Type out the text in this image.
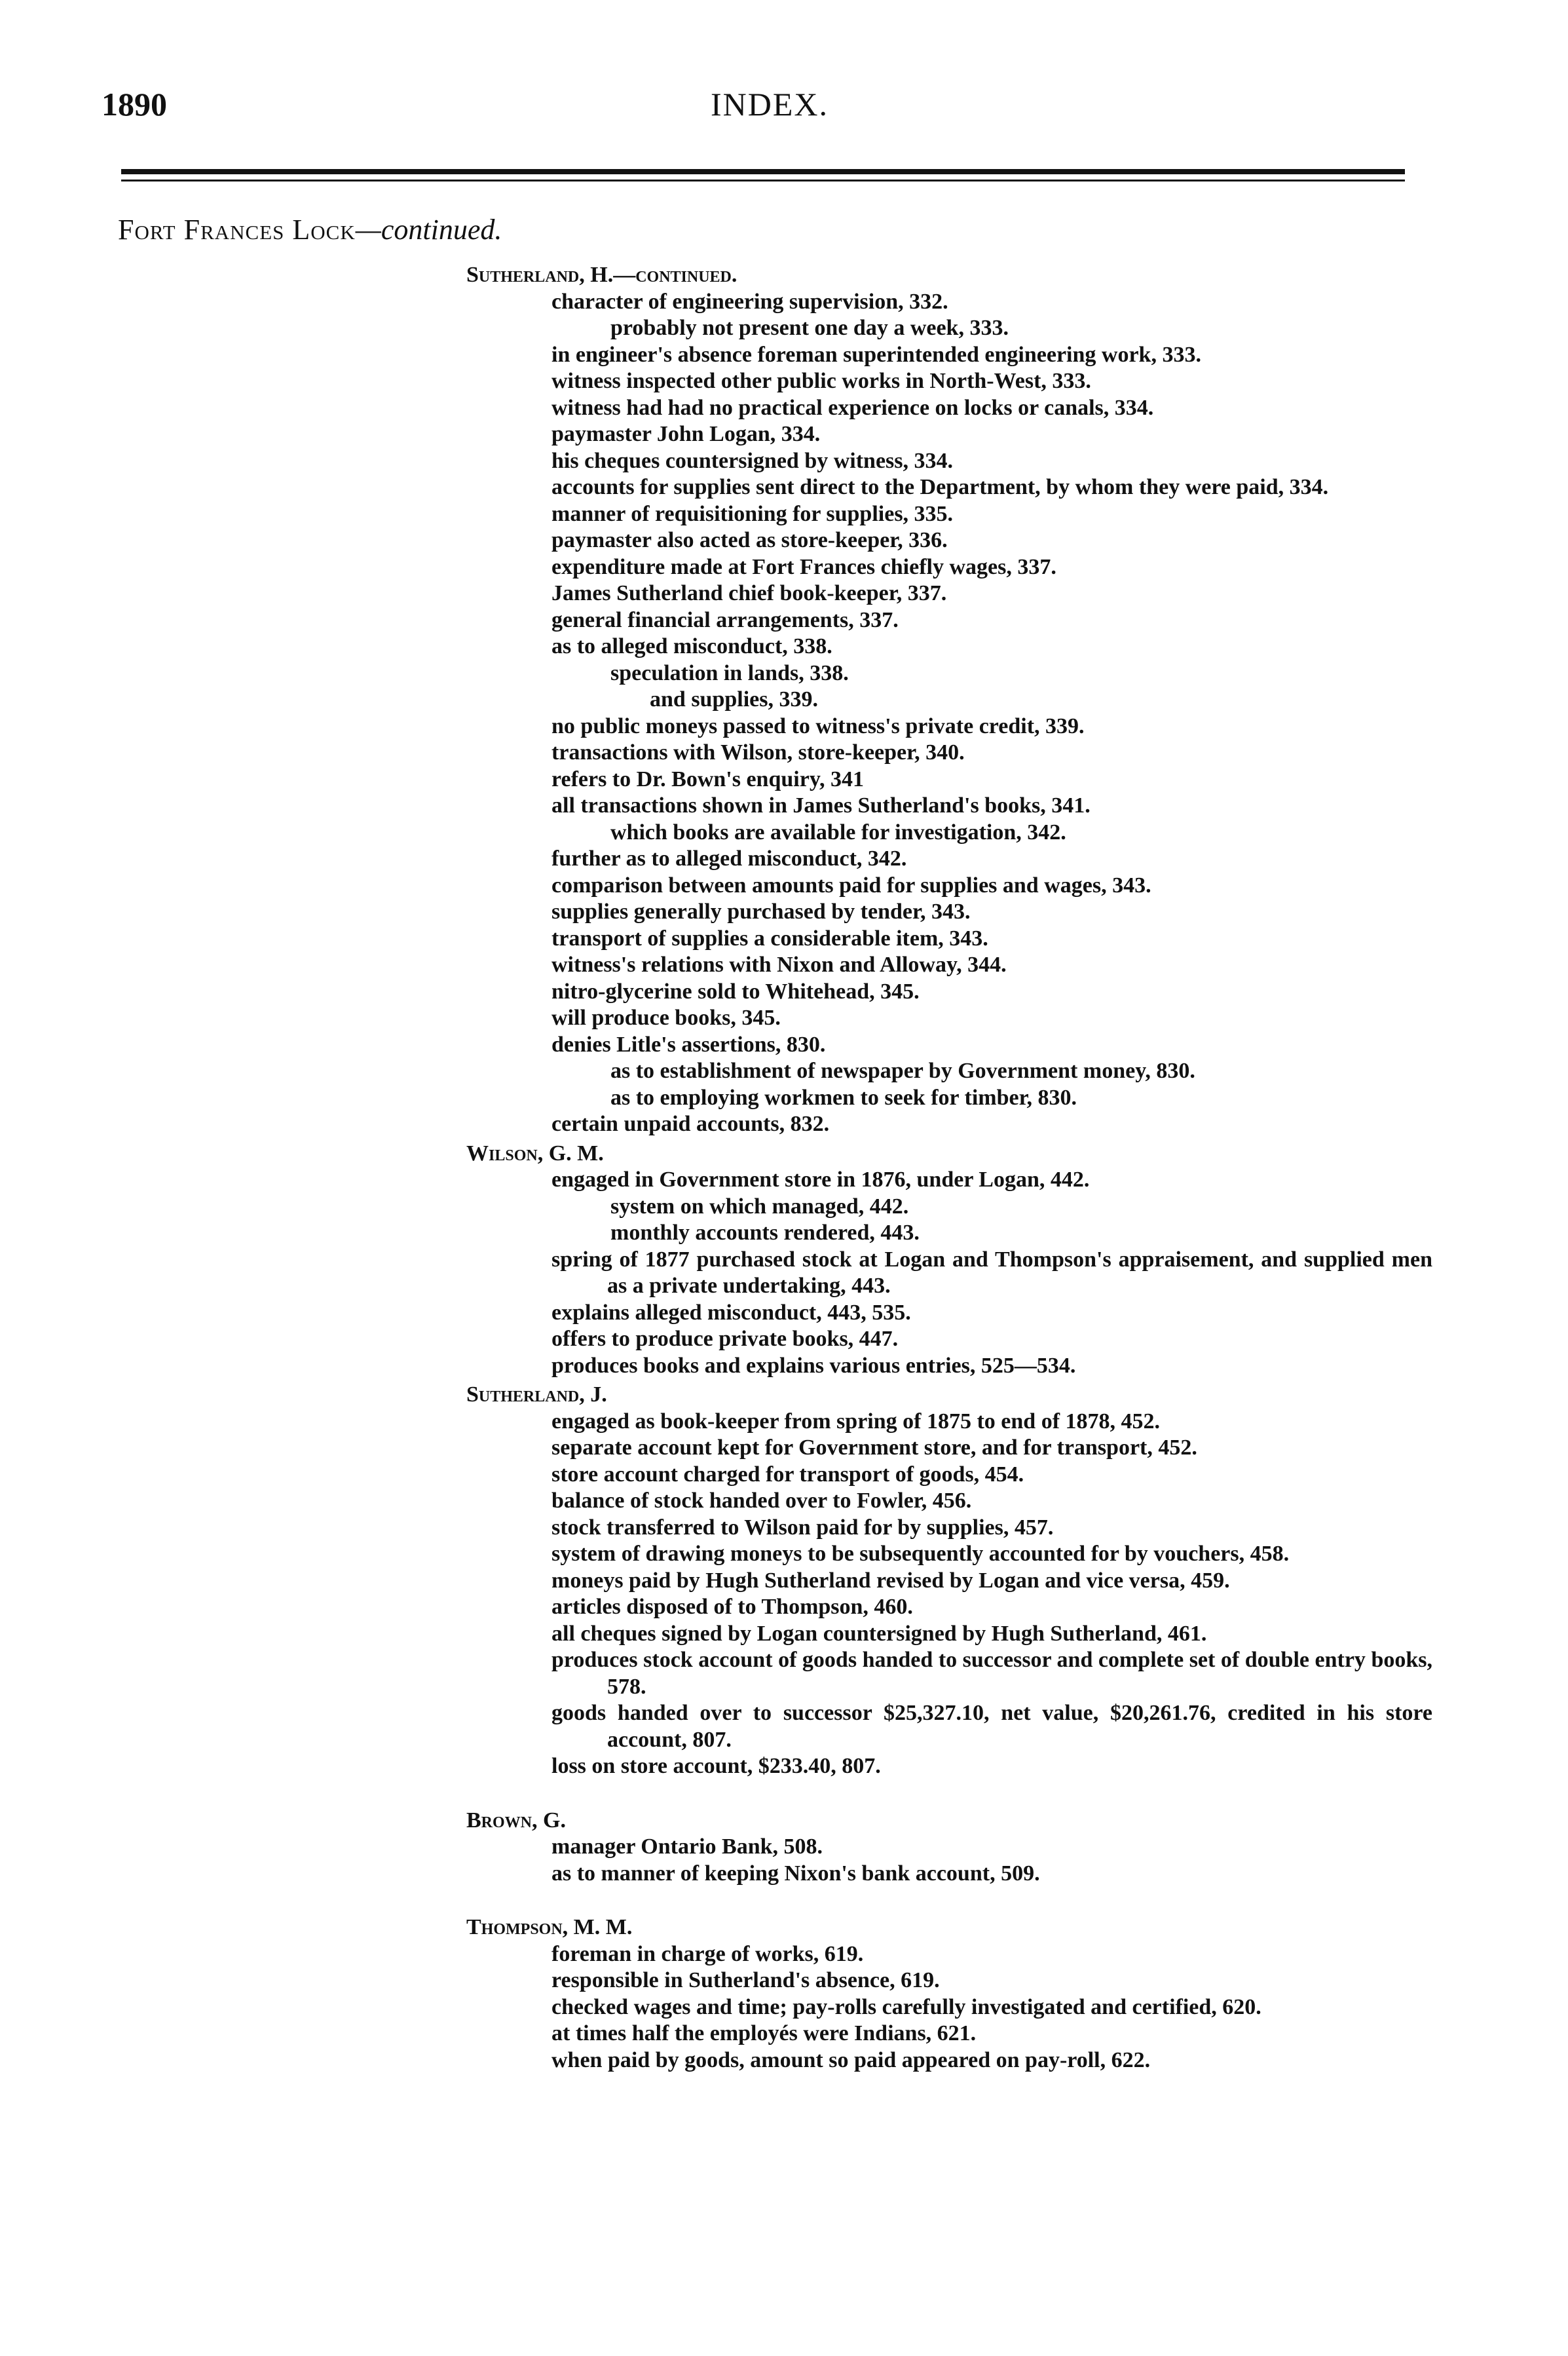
1890	INDEX.
Fort Frances Lock—continued.
Sutherland, H.—continued.
character of engineering supervision, 332.
probably not present one day a week, 333.
in engineer's absence foreman superintended engineering work, 333.
witness inspected other public works in North-West, 333.
witness had had no practical experience on locks or canals, 334.
paymaster John Logan, 334.
his cheques countersigned by witness, 334.
accounts for supplies sent direct to the Department, by whom they were paid, 334.
manner of requisitioning for supplies, 335.
paymaster also acted as store-keeper, 336.
expenditure made at Fort Frances chiefly wages, 337.
James Sutherland chief book-keeper, 337.
general financial arrangements, 337.
as to alleged misconduct, 338.
speculation in lands, 338.
and supplies, 339.
no public moneys passed to witness's private credit, 339.
transactions with Wilson, store-keeper, 340.
refers to Dr. Bown's enquiry, 341
all transactions shown in James Sutherland's books, 341.
which books are available for investigation, 342.
further as to alleged misconduct, 342.
comparison between amounts paid for supplies and wages, 343.
supplies generally purchased by tender, 343.
transport of supplies a considerable item, 343.
witness's relations with Nixon and Alloway, 344.
nitro-glycerine sold to Whitehead, 345.
will produce books, 345.
denies Litle's assertions, 830.
as to establishment of newspaper by Government money, 830.
as to employing workmen to seek for timber, 830.
certain unpaid accounts, 832.
Wilson, G. M.
engaged in Government store in 1876, under Logan, 442.
system on which managed, 442.
monthly accounts rendered, 443.
spring of 1877 purchased stock at Logan and Thompson's appraisement, and supplied men as a private undertaking, 443.
explains alleged misconduct, 443, 535.
offers to produce private books, 447.
produces books and explains various entries, 525—534.
Sutherland, J.
engaged as book-keeper from spring of 1875 to end of 1878, 452.
separate account kept for Government store, and for transport, 452.
store account charged for transport of goods, 454.
balance of stock handed over to Fowler, 456.
stock transferred to Wilson paid for by supplies, 457.
system of drawing moneys to be subsequently accounted for by vouchers, 458.
moneys paid by Hugh Sutherland revised by Logan and vice versa, 459.
articles disposed of to Thompson, 460.
all cheques signed by Logan countersigned by Hugh Sutherland, 461.
produces stock account of goods handed to successor and complete set of double entry books, 578.
goods handed over to successor $25,327.10, net value, $20,261.76, credited in his store account, 807.
loss on store account, $233.40, 807.
Brown, G.
manager Ontario Bank, 508.
as to manner of keeping Nixon's bank account, 509.
Thompson, M. M.
foreman in charge of works, 619.
responsible in Sutherland's absence, 619.
checked wages and time; pay-rolls carefully investigated and certified, 620.
at times half the employés were Indians, 621.
when paid by goods, amount so paid appeared on pay-roll, 622.
